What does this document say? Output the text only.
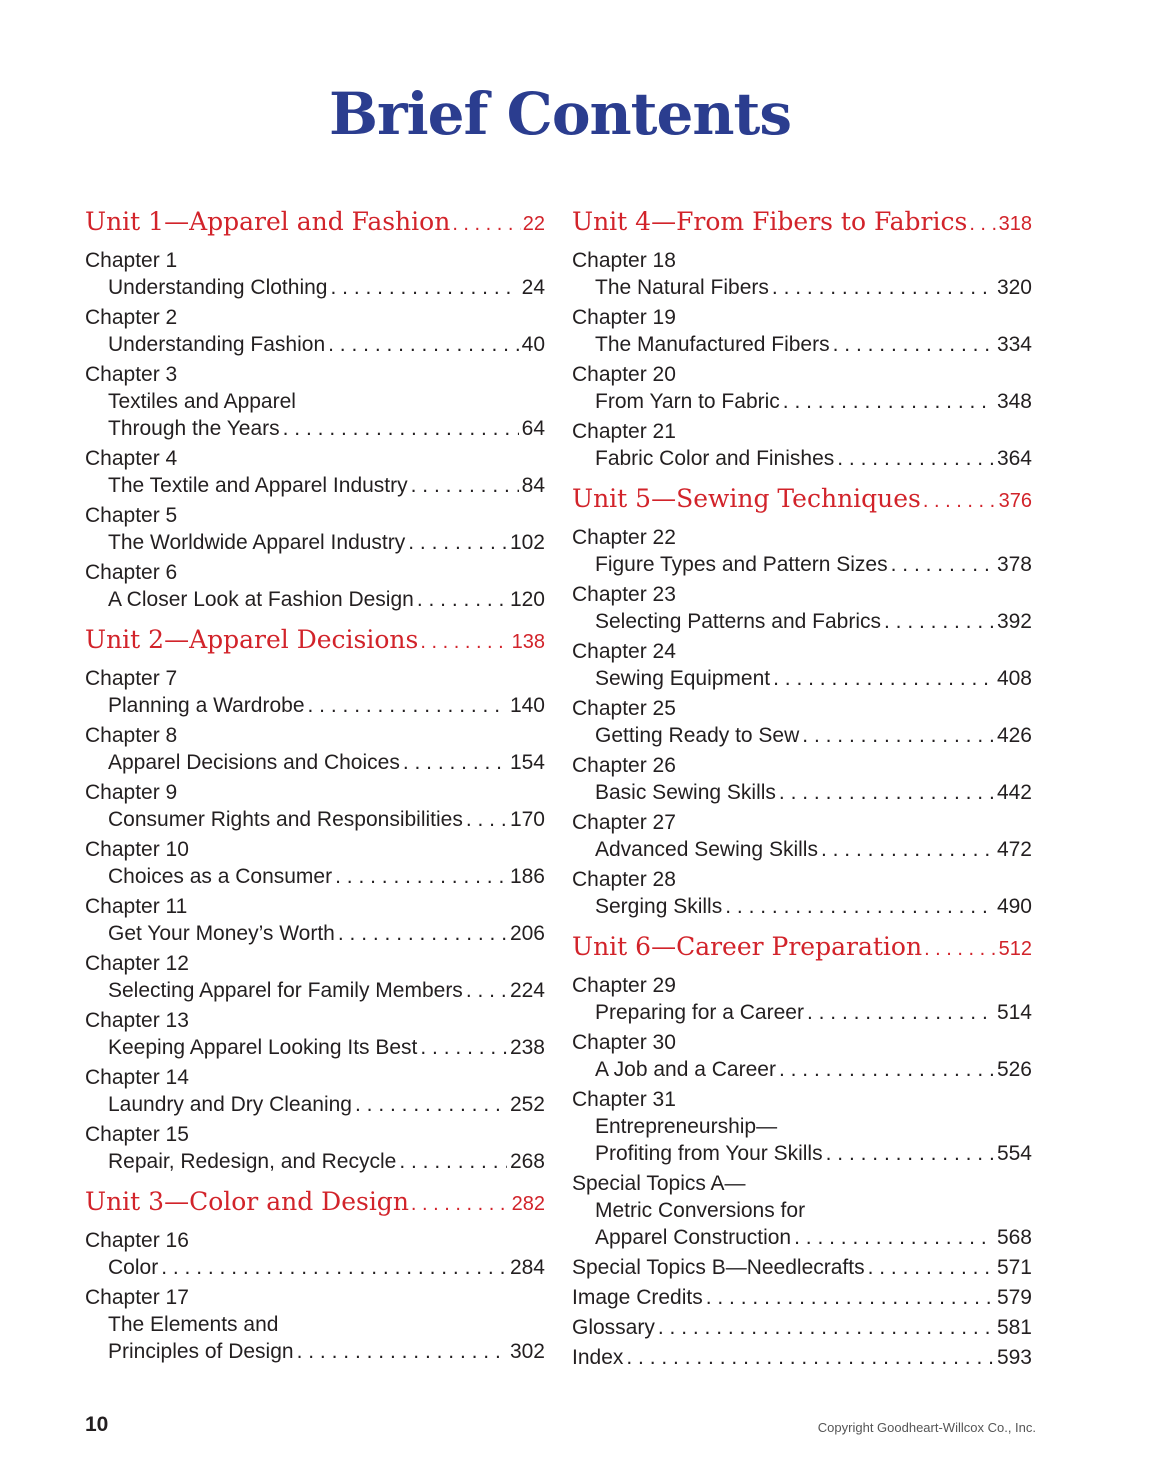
Brief Contents
Unit 1—Apparel and Fashion . . .	22
Chapter 1
Understanding Clothing . . .	24
Chapter 2
Understanding Fashion . . .	40
Chapter 3
Textiles and Apparel
Through the Years . . .	64
Chapter 4
The Textile and Apparel Industry . . .	84
Chapter 5
The Worldwide Apparel Industry . . .	102
Chapter 6
A Closer Look at Fashion Design . . .	120
Unit 2—Apparel Decisions . . .	138
Chapter 7
Planning a Wardrobe . . .	140
Chapter 8
Apparel Decisions and Choices . . .	154
Chapter 9
Consumer Rights and Responsibilities . . . 170
Chapter 10
Choices as a Consumer . . .	186
Chapter 11
Get Your Money’s Worth . . .	206
Chapter 12
Selecting Apparel for Family Members . . . 224
Chapter 13
Keeping Apparel Looking Its Best . . .	238
Chapter 14
Laundry and Dry Cleaning . . .	252
Chapter 15
Repair, Redesign, and Recycle . . .	268
Unit 3—Color and Design . . .	282
Chapter 16
Color . . .	284
Chapter 17
The Elements and
Principles of Design . . .	302
Unit 4—From Fibers to Fabrics . . . 318
Chapter 18
The Natural Fibers . . .	320
Chapter 19
The Manufactured Fibers . . .	334
Chapter 20
From Yarn to Fabric . . .	348
Chapter 21
Fabric Color and Finishes . . .	364
Unit 5—Sewing Techniques . . .	376
Chapter 22
Figure Types and Pattern Sizes . . .	378
Chapter 23
Selecting Patterns and Fabrics . . .	392
Chapter 24
Sewing Equipment . . .	408
Chapter 25
Getting Ready to Sew . . .	426
Chapter 26
Basic Sewing Skills . . .	442
Chapter 27
Advanced Sewing Skills . . .	472
Chapter 28
Serging Skills . . .	490
Unit 6—Career Preparation . . .	512
Chapter 29
Preparing for a Career . . .	514
Chapter 30
A Job and a Career . . .	526
Chapter 31
Entrepreneurship—
Profiting from Your Skills . . .	554
Special Topics A—
Metric Conversions for
Apparel Construction . . .	568
Special Topics B—Needlecrafts . . .	571
Image Credits . . .	579
Glossary . . .	581
Index . . .	593
10	Copyright Goodheart-Willcox Co., Inc.
